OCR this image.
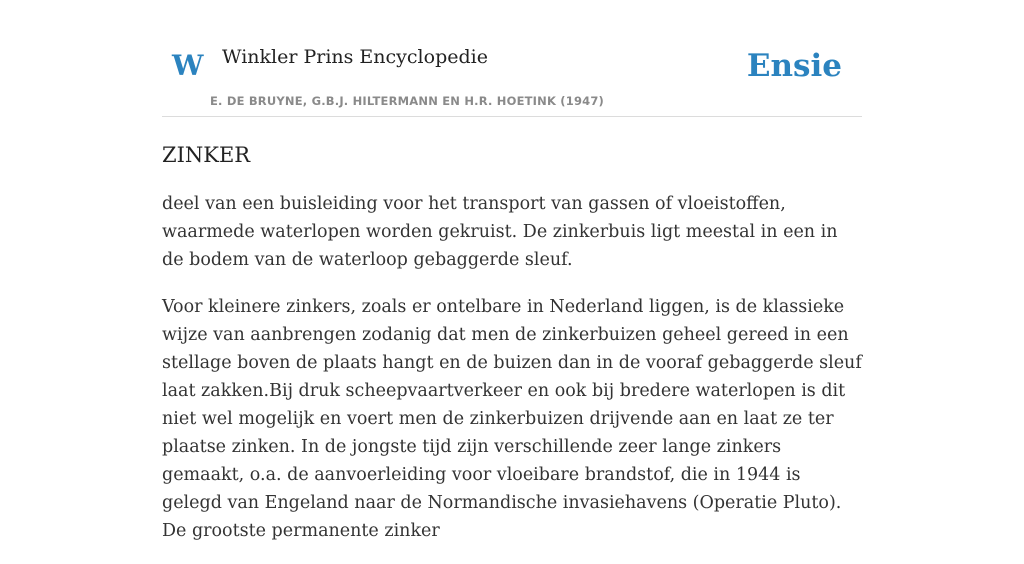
W Winkler Prins Encyclopedie
E. DE BRUYNE, G.B.J. HILTERMANN EN H.R. HOETINK (1947)
Ensie
ZINKER

deel van een buisleiding voor het transport van gassen of vloeistoffen, waarmede waterlopen worden gekruist. De zinkerbuis ligt meestal in een in de bodem van de waterloop gebaggerde sleuf.

Voor kleinere zinkers, zoals er ontelbare in Nederland liggen, is de klassieke wijze van aanbrengen zodanig dat men de zinkerbuizen geheel gereed in een stellage boven de plaats hangt en de buizen dan in de vooraf gebaggerde sleuf laat zakken.Bij druk scheepvaartverkeer en ook bij bredere waterlopen is dit niet wel mogelijk en voert men de zinkerbuizen drijvende aan en laat ze ter plaatse zinken. In de jongste tijd zijn verschillende zeer lange zinkers gemaakt, o.a. de aanvoerleiding voor vloeibare brandstof, die in 1944 is gelegd van Engeland naar de Normandische invasiehavens (Operatie Pluto). De grootste permanente zinker
